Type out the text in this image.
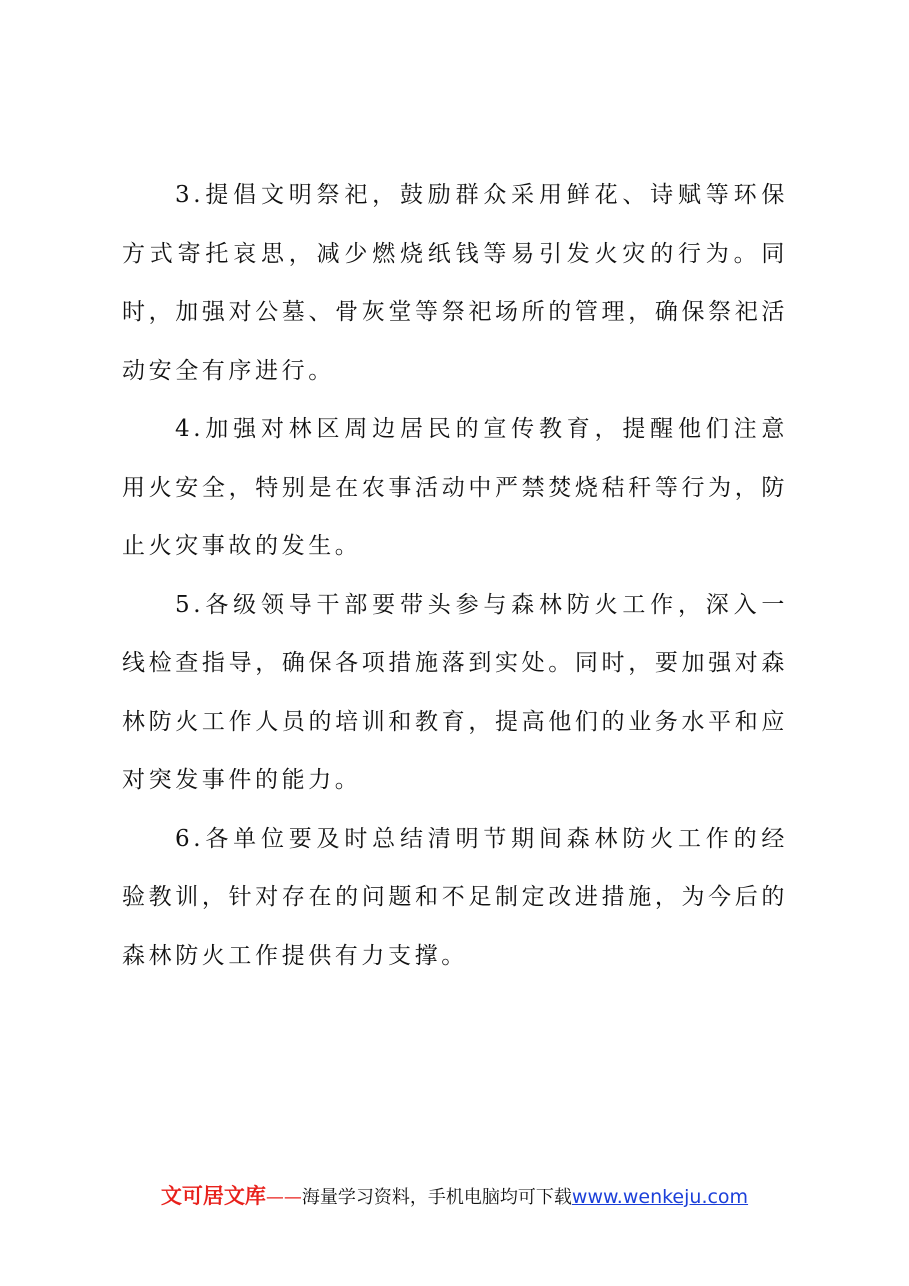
3.提倡文明祭祀，鼓励群众采用鲜花、诗赋等环保方式寄托哀思，减少燃烧纸钱等易引发火灾的行为。同时，加强对公墓、骨灰堂等祭祀场所的管理，确保祭祀活动安全有序进行。

4.加强对林区周边居民的宣传教育，提醒他们注意用火安全，特别是在农事活动中严禁焚烧秸秆等行为，防止火灾事故的发生。

5.各级领导干部要带头参与森林防火工作，深入一线检查指导，确保各项措施落到实处。同时，要加强对森林防火工作人员的培训和教育，提高他们的业务水平和应对突发事件的能力。

6.各单位要及时总结清明节期间森林防火工作的经验教训，针对存在的问题和不足制定改进措施，为今后的森林防火工作提供有力支撑。

文可居文库——海量学习资料，手机电脑均可下载www.wenkeju.com
